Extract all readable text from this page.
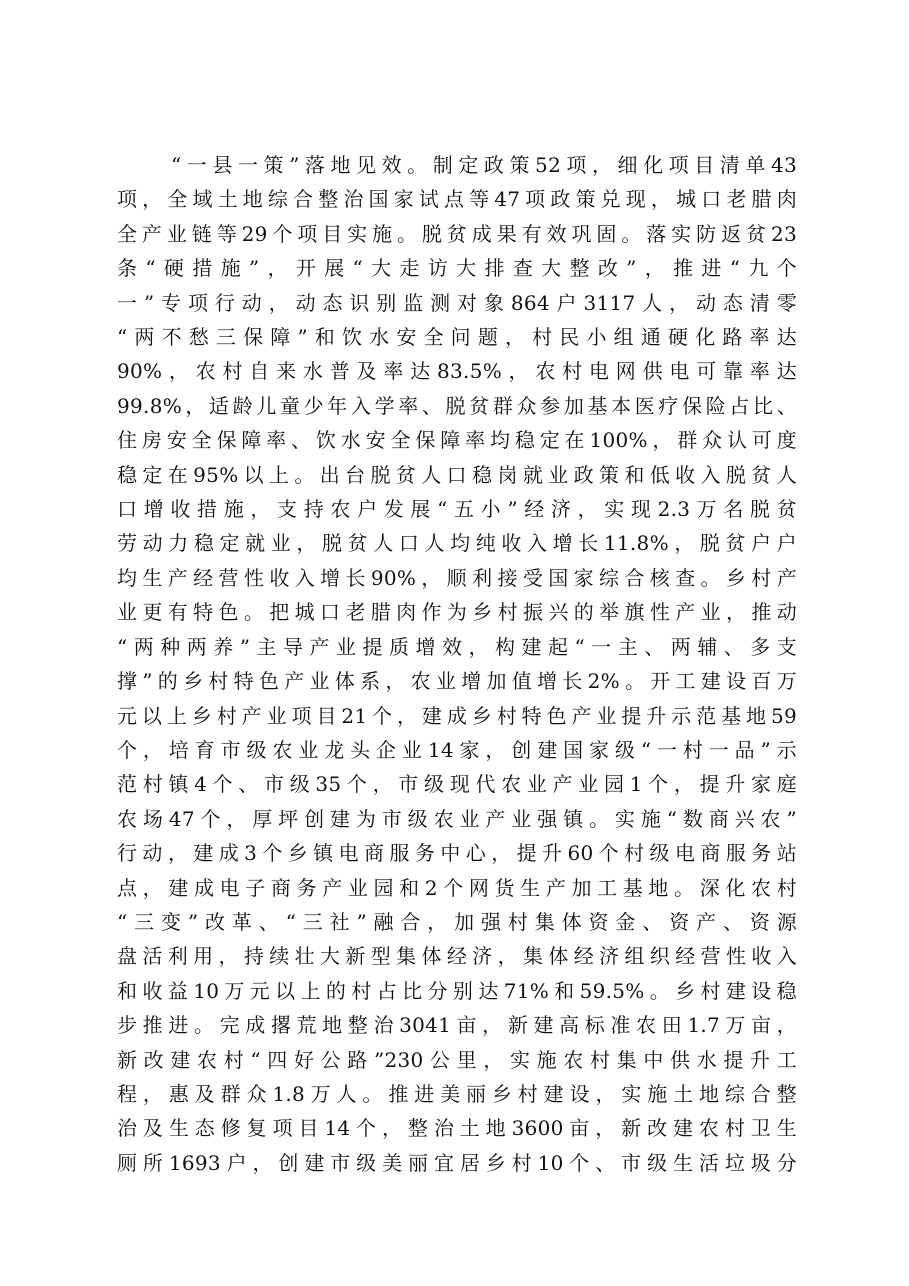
“一县一策”落地见效。制定政策52项，细化项目清单43
项，全域土地综合整治国家试点等47项政策兑现，城口老腊肉
全产业链等29个项目实施。脱贫成果有效巩固。落实防返贫23
条“硬措施”，开展“大走访大排查大整改”，推进“九个
一”专项行动，动态识别监测对象864户3117人，动态清零
“两不愁三保障”和饮水安全问题，村民小组通硬化路率达
90%，农村自来水普及率达83.5%，农村电网供电可靠率达
99.8%，适龄儿童少年入学率、脱贫群众参加基本医疗保险占比、
住房安全保障率、饮水安全保障率均稳定在100%，群众认可度
稳定在95%以上。出台脱贫人口稳岗就业政策和低收入脱贫人
口增收措施，支持农户发展“五小”经济，实现2.3万名脱贫
劳动力稳定就业，脱贫人口人均纯收入增长11.8%，脱贫户户
均生产经营性收入增长90%，顺利接受国家综合核查。乡村产
业更有特色。把城口老腊肉作为乡村振兴的举旗性产业，推动
“两种两养”主导产业提质增效，构建起“一主、两辅、多支
撑”的乡村特色产业体系，农业增加值增长2%。开工建设百万
元以上乡村产业项目21个，建成乡村特色产业提升示范基地59
个，培育市级农业龙头企业14家，创建国家级“一村一品”示
范村镇4个、市级35个，市级现代农业产业园1个，提升家庭
农场47个，厚坪创建为市级农业产业强镇。实施“数商兴农”
行动，建成3个乡镇电商服务中心，提升60个村级电商服务站
点，建成电子商务产业园和2个网货生产加工基地。深化农村
“三变”改革、“三社”融合，加强村集体资金、资产、资源
盘活利用，持续壮大新型集体经济，集体经济组织经营性收入
和收益10万元以上的村占比分别达71%和59.5%。乡村建设稳
步推进。完成撂荒地整治3041亩，新建高标准农田1.7万亩，
新改建农村“四好公路”230公里，实施农村集中供水提升工
程，惠及群众1.8万人。推进美丽乡村建设，实施土地综合整
治及生态修复项目14个，整治土地3600亩，新改建农村卫生
厕所1693户，创建市级美丽宜居乡村10个、市级生活垃圾分
